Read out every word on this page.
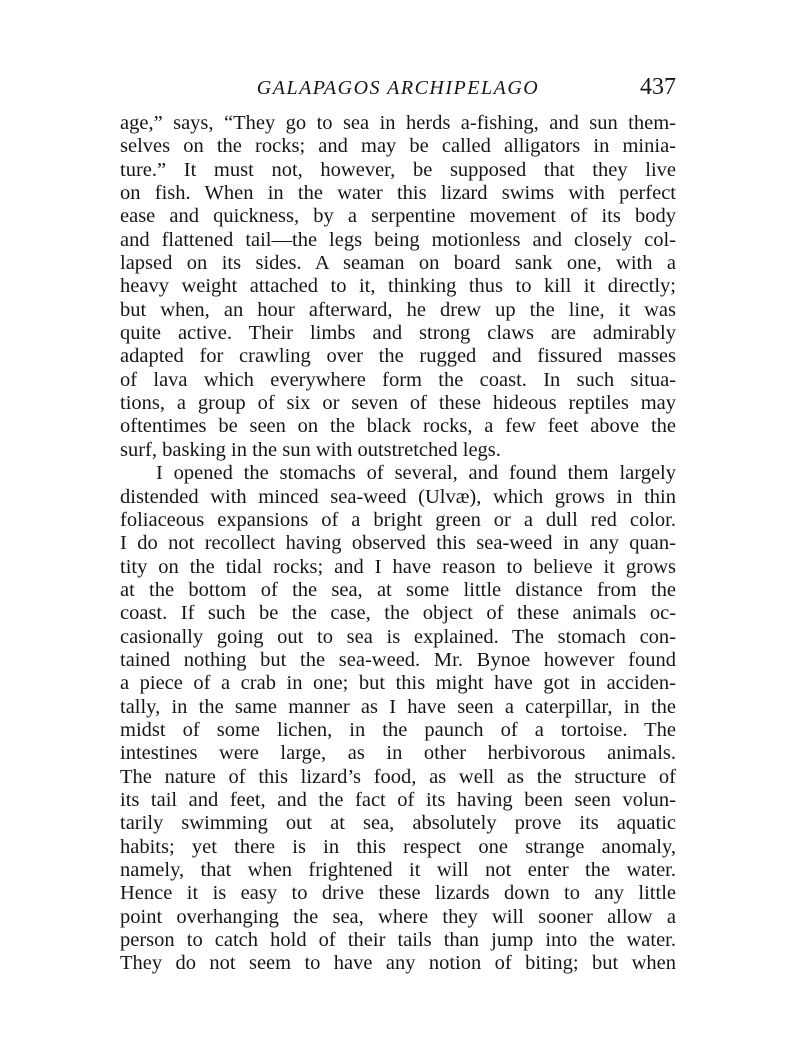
GALAPAGOS ARCHIPELAGO	437
age,” says, “They go to sea in herds a-fishing, and sun them-
selves on the rocks; and may be called alligators in minia-
ture.” It must not, however, be supposed that they live
on fish. When in the water this lizard swims with perfect
ease and quickness, by a serpentine movement of its body
and flattened tail—the legs being motionless and closely col-
lapsed on its sides. A seaman on board sank one, with a
heavy weight attached to it, thinking thus to kill it directly;
but when, an hour afterward, he drew up the line, it was
quite active. Their limbs and strong claws are admirably
adapted for crawling over the rugged and fissured masses
of lava which everywhere form the coast. In such situa-
tions, a group of six or seven of these hideous reptiles may
oftentimes be seen on the black rocks, a few feet above the
surf, basking in the sun with outstretched legs.
I opened the stomachs of several, and found them largely
distended with minced sea-weed (Ulvæ), which grows in thin
foliaceous expansions of a bright green or a dull red color.
I do not recollect having observed this sea-weed in any quan-
tity on the tidal rocks; and I have reason to believe it grows
at the bottom of the sea, at some little distance from the
coast. If such be the case, the object of these animals oc-
casionally going out to sea is explained. The stomach con-
tained nothing but the sea-weed. Mr. Bynoe however found
a piece of a crab in one; but this might have got in acciden-
tally, in the same manner as I have seen a caterpillar, in the
midst of some lichen, in the paunch of a tortoise. The
intestines were large, as in other herbivorous animals.
The nature of this lizard’s food, as well as the structure of
its tail and feet, and the fact of its having been seen volun-
tarily swimming out at sea, absolutely prove its aquatic
habits; yet there is in this respect one strange anomaly,
namely, that when frightened it will not enter the water.
Hence it is easy to drive these lizards down to any little
point overhanging the sea, where they will sooner allow a
person to catch hold of their tails than jump into the water.
They do not seem to have any notion of biting; but when
